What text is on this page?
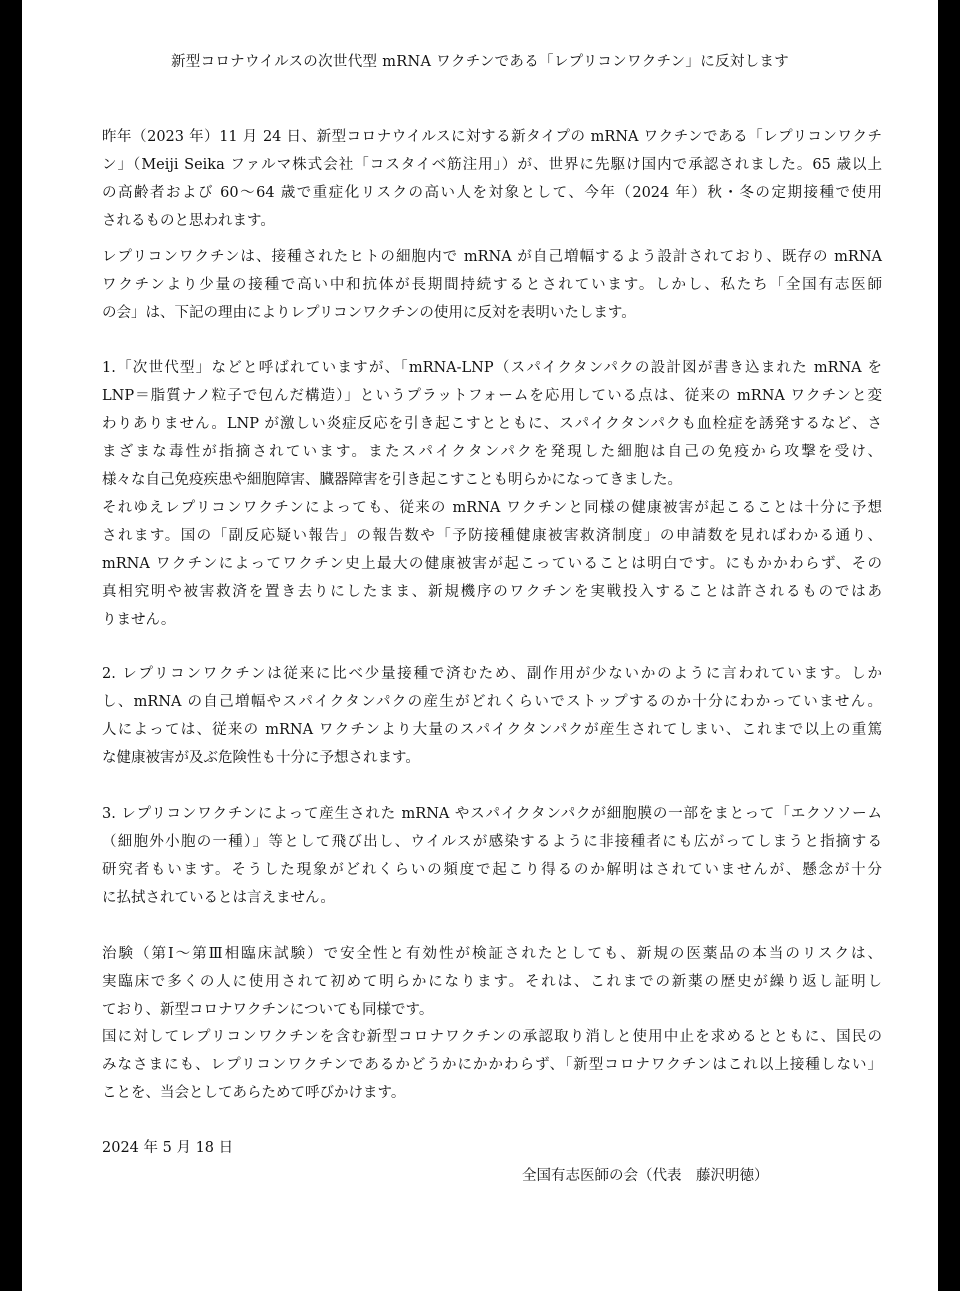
新型コロナウイルスの次世代型 mRNA ワクチンである「レプリコンワクチン」に反対します
昨年（2023 年）11 月 24 日、新型コロナウイルスに対する新タイプの mRNA ワクチンである「レプリコンワクチ
ン」（Meiji Seika ファルマ株式会社「コスタイベ筋注用」）が、世界に先駆け国内で承認されました。65 歳以上
の高齢者および 60〜64 歳で重症化リスクの高い人を対象として、今年（2024 年）秋・冬の定期接種で使用
されるものと思われます。
レプリコンワクチンは、接種されたヒトの細胞内で mRNA が自己増幅するよう設計されており、既存の mRNA
ワクチンより少量の接種で高い中和抗体が長期間持続するとされています。しかし、私たち「全国有志医師
の会」は、下記の理由によりレプリコンワクチンの使用に反対を表明いたします。
1.「次世代型」などと呼ばれていますが、「mRNA-LNP（スパイクタンパクの設計図が書き込まれた mRNA を
LNP＝脂質ナノ粒子で包んだ構造）」というプラットフォームを応用している点は、従来の mRNA ワクチンと変
わりありません。LNP が激しい炎症反応を引き起こすとともに、スパイクタンパクも血栓症を誘発するなど、さ
まざまな毒性が指摘されています。またスパイクタンパクを発現した細胞は自己の免疫から攻撃を受け、
様々な自己免疫疾患や細胞障害、臓器障害を引き起こすことも明らかになってきました。
それゆえレプリコンワクチンによっても、従来の mRNA ワクチンと同様の健康被害が起こることは十分に予想
されます。国の「副反応疑い報告」の報告数や「予防接種健康被害救済制度」の申請数を見ればわかる通り、
mRNA ワクチンによってワクチン史上最大の健康被害が起こっていることは明白です。にもかかわらず、その
真相究明や被害救済を置き去りにしたまま、新規機序のワクチンを実戦投入することは許されるものではあ
りません。
2. レプリコンワクチンは従来に比べ少量接種で済むため、副作用が少ないかのように言われています。しか
し、mRNA の自己増幅やスパイクタンパクの産生がどれくらいでストップするのか十分にわかっていません。
人によっては、従来の mRNA ワクチンより大量のスパイクタンパクが産生されてしまい、これまで以上の重篤
な健康被害が及ぶ危険性も十分に予想されます。
3. レプリコンワクチンによって産生された mRNA やスパイクタンパクが細胞膜の一部をまとって「エクソソーム
（細胞外小胞の一種）」等として飛び出し、ウイルスが感染するように非接種者にも広がってしまうと指摘する
研究者もいます。そうした現象がどれくらいの頻度で起こり得るのか解明はされていませんが、懸念が十分
に払拭されているとは言えません。
治験（第Ⅰ〜第Ⅲ相臨床試験）で安全性と有効性が検証されたとしても、新規の医薬品の本当のリスクは、
実臨床で多くの人に使用されて初めて明らかになります。それは、これまでの新薬の歴史が繰り返し証明し
ており、新型コロナワクチンについても同様です。
国に対してレプリコンワクチンを含む新型コロナワクチンの承認取り消しと使用中止を求めるとともに、国民の
みなさまにも、レプリコンワクチンであるかどうかにかかわらず、「新型コロナワクチンはこれ以上接種しない」
ことを、当会としてあらためて呼びかけます。
2024 年 5 月 18 日
全国有志医師の会（代表　藤沢明徳）
